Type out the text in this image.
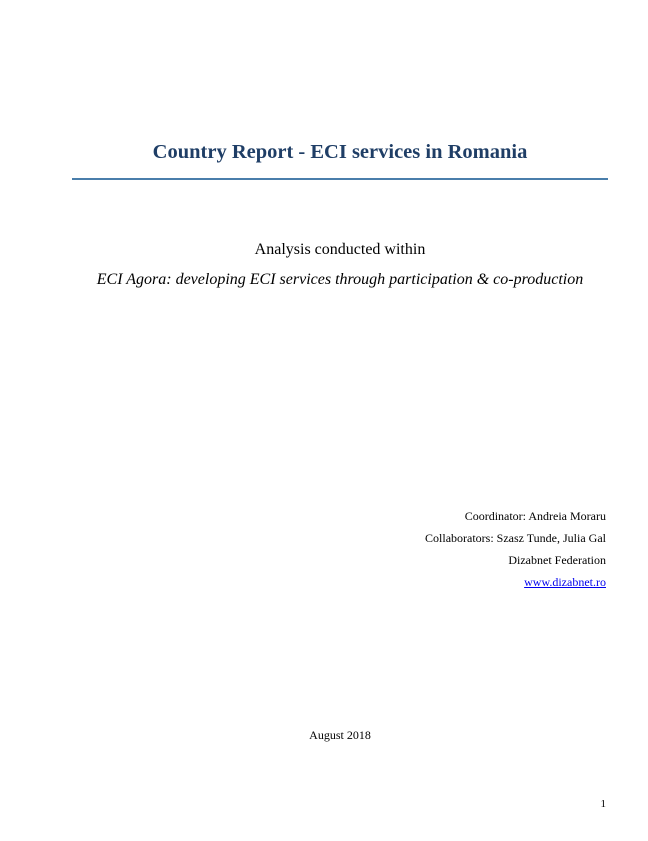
Country Report - ECI services in Romania
Analysis conducted within
ECI Agora: developing ECI services through participation & co-production
Coordinator: Andreia Moraru
Collaborators: Szasz Tunde, Julia Gal
Dizabnet Federation
www.dizabnet.ro
August 2018
1
